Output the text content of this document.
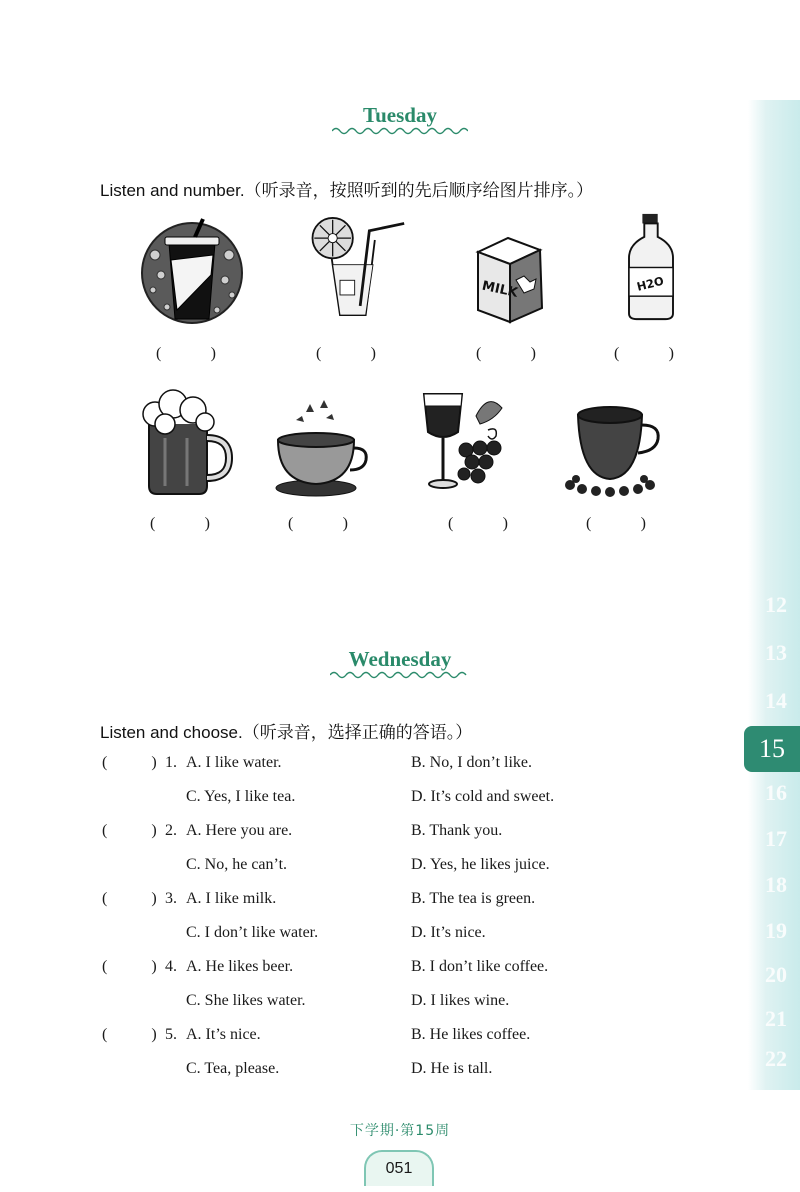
12
13
14
16
17
18
19
20
21
22
15
Tuesday
Listen and number.（听录音，按照听到的先后顺序给图片排序。）
MILK	H2O
(	)	(	)	(	)	(	)
(	)	(	)	(	)	(	)
Wednesday
Listen and choose.（听录音，选择正确的答语。）
(	) 1. A. I like water.	B. No, I don’t like.
C. Yes, I like tea.	D. It’s cold and sweet.
(	) 2. A. Here you are.	B. Thank you.
C. No, he can’t.	D. Yes, he likes juice.
(	) 3. A. I like milk.	B. The tea is green.
C. I don’t like water.	D. It’s nice.
(	) 4. A. He likes beer.	B. I don’t like coffee.
C. She likes water.	D. I likes wine.
(	) 5. A. It’s nice.	B. He likes coffee.
C. Tea, please.	D. He is tall.
下学期·第15周
051
